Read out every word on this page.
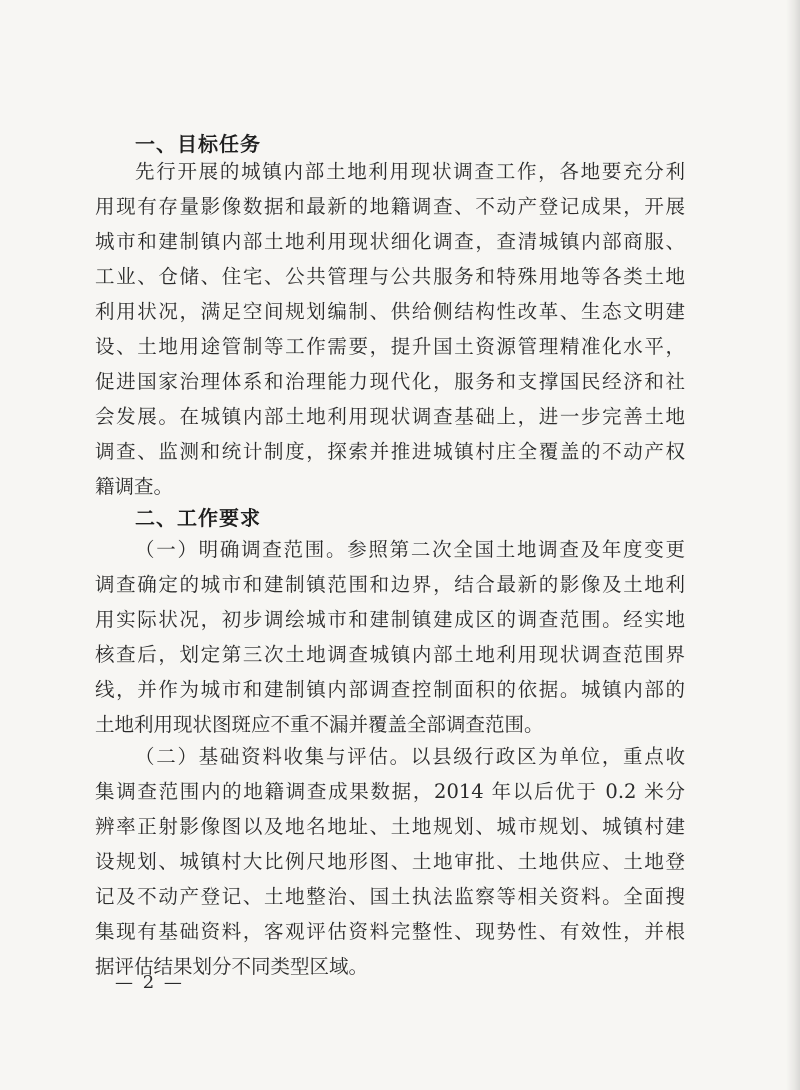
一、目标任务
先行开展的城镇内部土地利用现状调查工作，各地要充分利
用现有存量影像数据和最新的地籍调查、不动产登记成果，开展
城市和建制镇内部土地利用现状细化调查，查清城镇内部商服、
工业、仓储、住宅、公共管理与公共服务和特殊用地等各类土地
利用状况，满足空间规划编制、供给侧结构性改革、生态文明建
设、土地用途管制等工作需要，提升国土资源管理精准化水平，
促进国家治理体系和治理能力现代化，服务和支撑国民经济和社
会发展。在城镇内部土地利用现状调查基础上，进一步完善土地
调查、监测和统计制度，探索并推进城镇村庄全覆盖的不动产权
籍调查。
二、工作要求
（一）明确调查范围。参照第二次全国土地调查及年度变更
调查确定的城市和建制镇范围和边界，结合最新的影像及土地利
用实际状况，初步调绘城市和建制镇建成区的调查范围。经实地
核查后，划定第三次土地调查城镇内部土地利用现状调查范围界
线，并作为城市和建制镇内部调查控制面积的依据。城镇内部的
土地利用现状图斑应不重不漏并覆盖全部调查范围。
（二）基础资料收集与评估。以县级行政区为单位，重点收
集调查范围内的地籍调查成果数据，2014 年以后优于 0.2 米分
辨率正射影像图以及地名地址、土地规划、城市规划、城镇村建
设规划、城镇村大比例尺地形图、土地审批、土地供应、土地登
记及不动产登记、土地整治、国土执法监察等相关资料。全面搜
集现有基础资料，客观评估资料完整性、现势性、有效性，并根
据评估结果划分不同类型区域。
— 2 —
